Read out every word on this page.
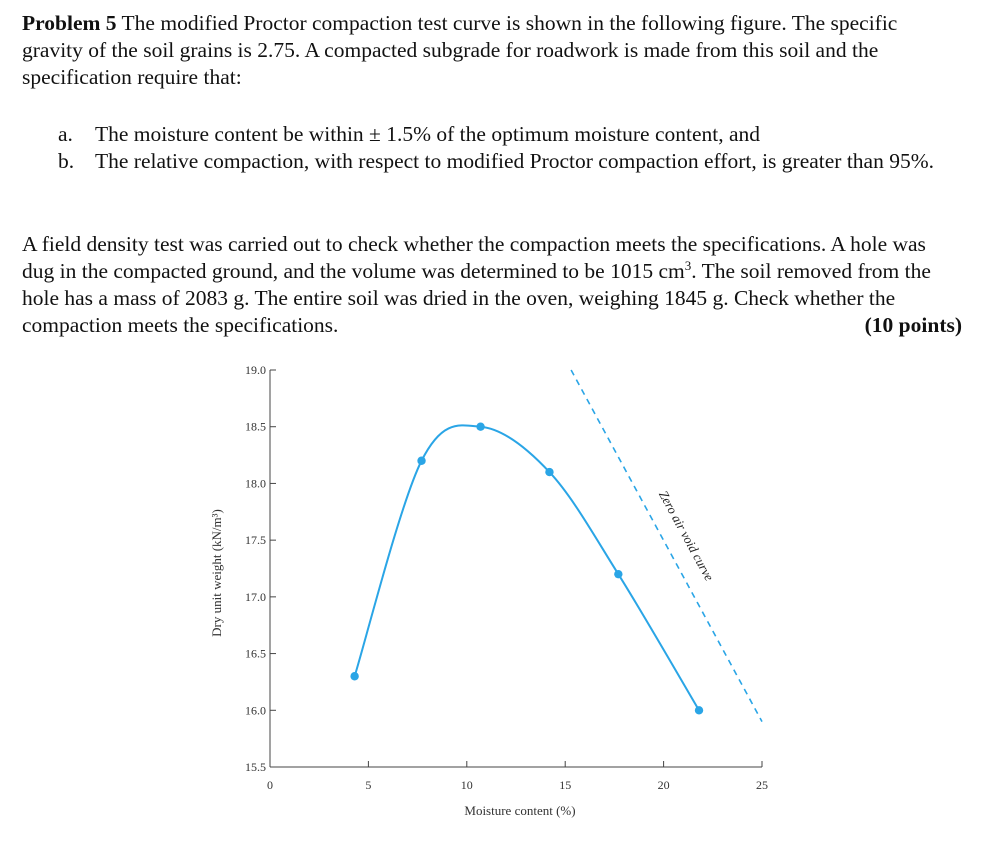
Problem 5 The modified Proctor compaction test curve is shown in the following figure. The specific gravity of the soil grains is 2.75. A compacted subgrade for roadwork is made from this soil and the specification require that:
a.	The moisture content be within ± 1.5% of the optimum moisture content, and
b. The relative compaction, with respect to modified Proctor compaction effort, is greater than 95%.
A field density test was carried out to check whether the compaction meets the specifications. A hole was dug in the compacted ground, and the volume was determined to be 1015 $cm^3$. The soil removed from the hole has a mass of 2083 g. The entire soil was dried in the oven, weighing 1845 g. Check whether the compaction meets the specifications.	(10 points)
15.5
16.0
16.5
17.0
17.5
18.0
18.5
19.0
0	5	10	15	20	25
Zero air void curve
Moisture content (%)
Dry unit weight (kN/m³)
